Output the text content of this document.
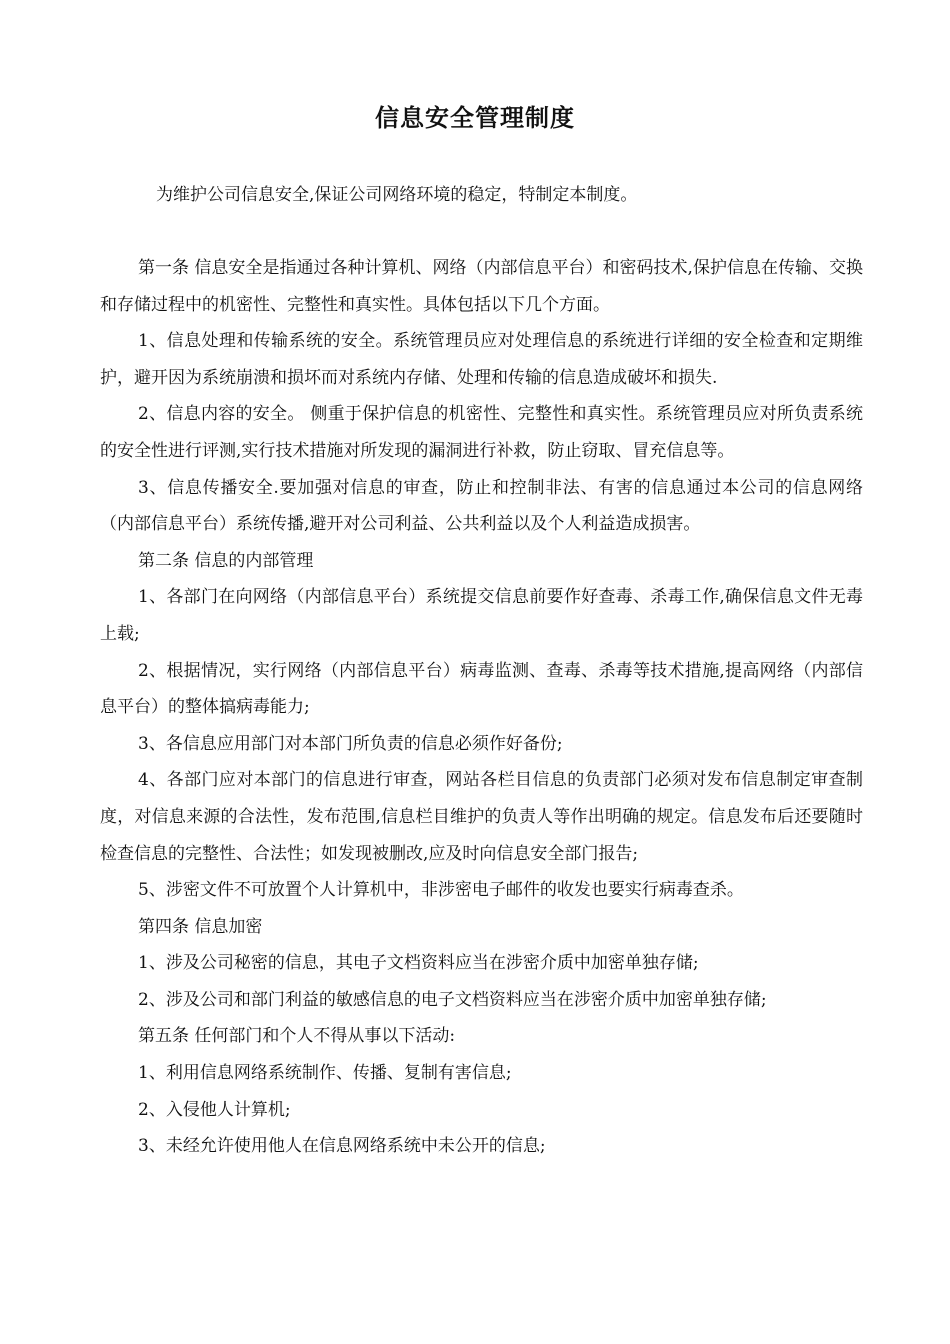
信息安全管理制度
为维护公司信息安全,保证公司网络环境的稳定，特制定本制度。

第一条 信息安全是指通过各种计算机、网络（内部信息平台）和密码技术,保护信息在传输、交换和存储过程中的机密性、完整性和真实性。具体包括以下几个方面。

1、信息处理和传输系统的安全。系统管理员应对处理信息的系统进行详细的安全检查和定期维护，避开因为系统崩溃和损坏而对系统内存储、处理和传输的信息造成破坏和损失.

2、信息内容的安全。 侧重于保护信息的机密性、完整性和真实性。系统管理员应对所负责系统的安全性进行评测,实行技术措施对所发现的漏洞进行补救，防止窃取、冒充信息等。

3、信息传播安全.要加强对信息的审查，防止和控制非法、有害的信息通过本公司的信息网络（内部信息平台）系统传播,避开对公司利益、公共利益以及个人利益造成损害。

第二条 信息的内部管理

1、各部门在向网络（内部信息平台）系统提交信息前要作好查毒、杀毒工作,确保信息文件无毒上载;

2、根据情况，实行网络（内部信息平台）病毒监测、查毒、杀毒等技术措施,提高网络（内部信息平台）的整体搞病毒能力;

3、各信息应用部门对本部门所负责的信息必须作好备份;

4、各部门应对本部门的信息进行审查，网站各栏目信息的负责部门必须对发布信息制定审查制度，对信息来源的合法性，发布范围,信息栏目维护的负责人等作出明确的规定。信息发布后还要随时检查信息的完整性、合法性；如发现被删改,应及时向信息安全部门报告;

5、涉密文件不可放置个人计算机中，非涉密电子邮件的收发也要实行病毒查杀。

第四条 信息加密

1、涉及公司秘密的信息，其电子文档资料应当在涉密介质中加密单独存储;

2、涉及公司和部门利益的敏感信息的电子文档资料应当在涉密介质中加密单独存储;

第五条 任何部门和个人不得从事以下活动:

1、利用信息网络系统制作、传播、复制有害信息;

2、入侵他人计算机;

3、未经允许使用他人在信息网络系统中未公开的信息;
